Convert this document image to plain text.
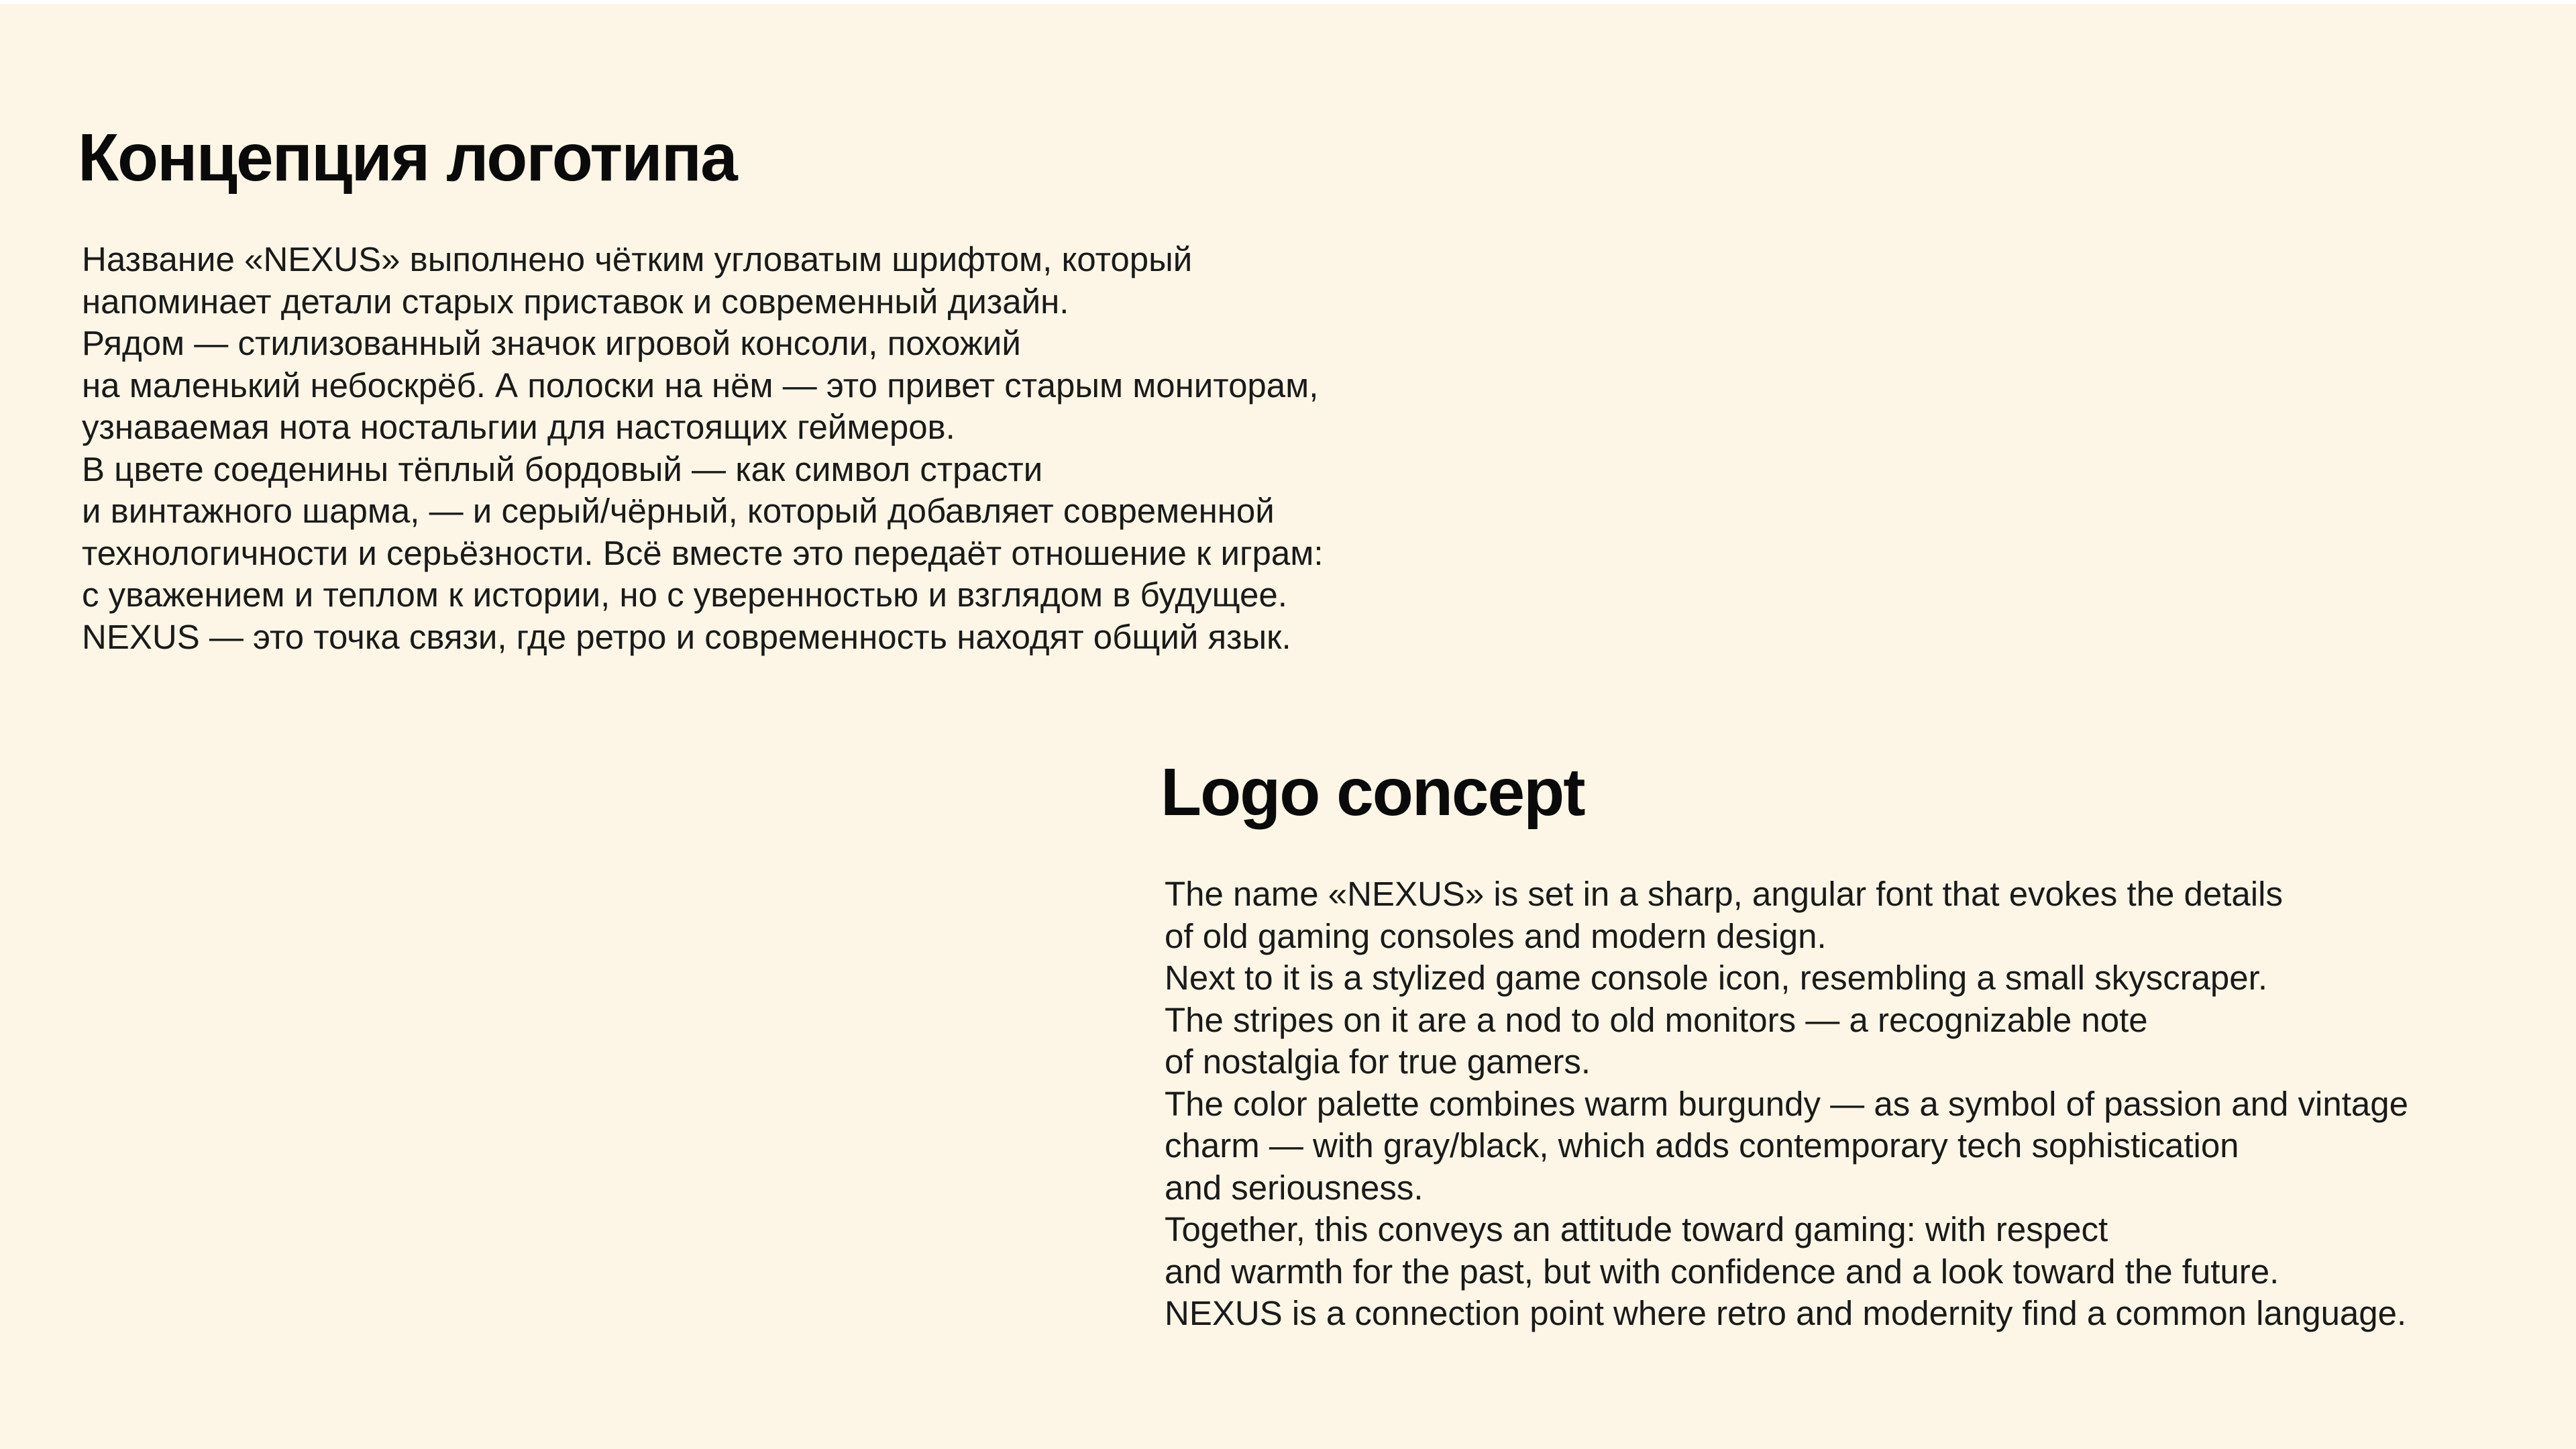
Концепция логотипа
Название «NEXUS» выполнено чётким угловатым шрифтом, который
напоминает детали старых приставок и современный дизайн.
Рядом — стилизованный значок игровой консоли, похожий
на маленький небоскрёб. А полоски на нём — это привет старым мониторам,
узнаваемая нота ностальгии для настоящих геймеров.
В цвете соеденины тёплый бордовый — как символ страсти
и винтажного шарма, — и серый/чёрный, который добавляет современной
технологичности и серьёзности. Всё вместе это передаёт отношение к играм:
с уважением и теплом к истории, но с уверенностью и взглядом в будущее.
NEXUS — это точка связи, где ретро и современность находят общий язык.
Logo concept
The name «NEXUS» is set in a sharp, angular font that evokes the details
of old gaming consoles and modern design.
Next to it is a stylized game console icon, resembling a small skyscraper.
The stripes on it are a nod to old monitors — a recognizable note
of nostalgia for true gamers.
The color palette combines warm burgundy — as a symbol of passion and vintage
charm — with gray/black, which adds contemporary tech sophistication
and seriousness.
Together, this conveys an attitude toward gaming: with respect
and warmth for the past, but with confidence and a look toward the future.
NEXUS is a connection point where retro and modernity find a common language.
